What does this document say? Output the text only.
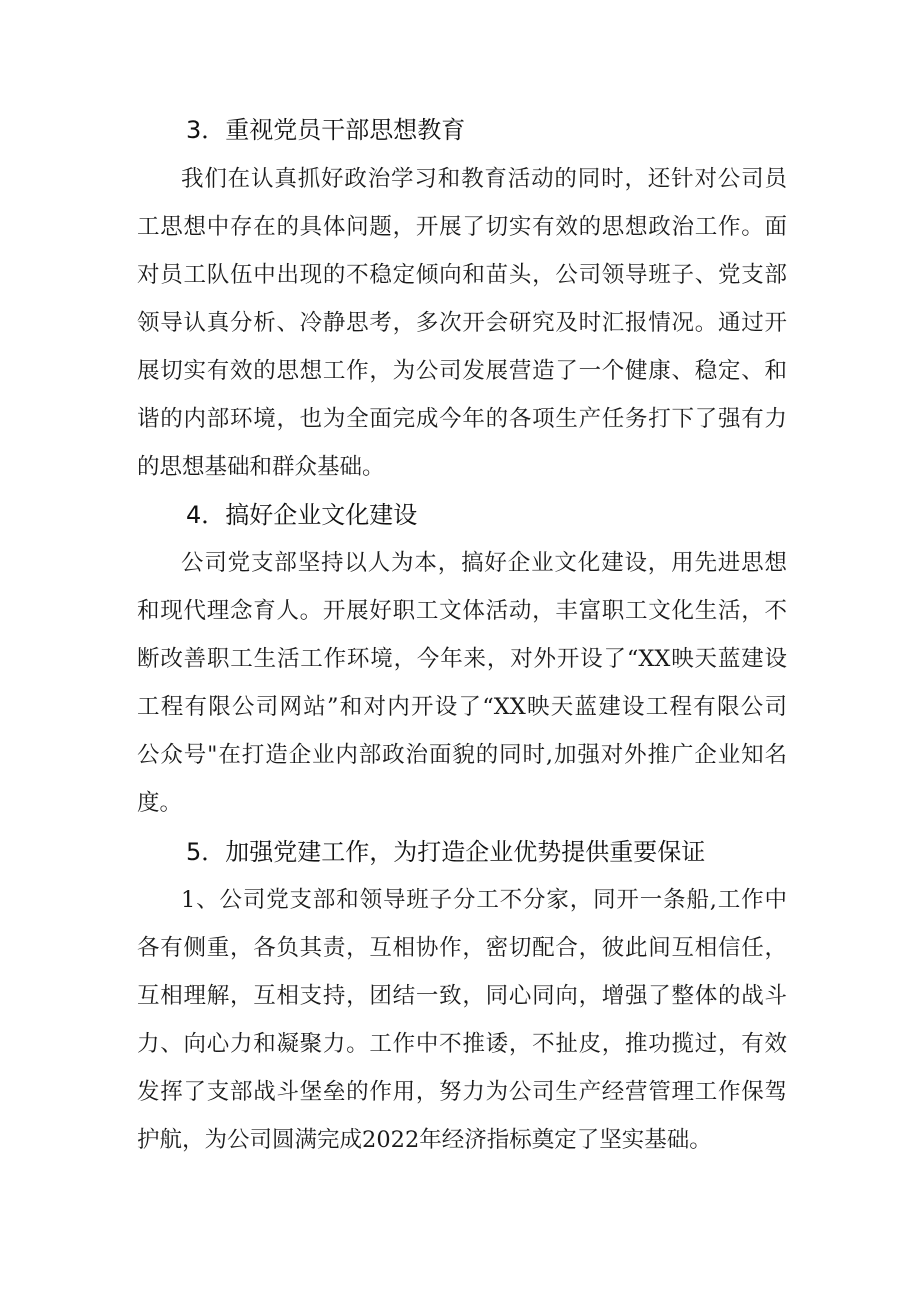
3．重视党员干部思想教育
我们在认真抓好政治学习和教育活动的同时，还针对公司员
工思想中存在的具体问题，开展了切实有效的思想政治工作。面
对员工队伍中出现的不稳定倾向和苗头，公司领导班子、党支部
领导认真分析、冷静思考，多次开会研究及时汇报情况。通过开
展切实有效的思想工作，为公司发展营造了一个健康、稳定、和
谐的内部环境，也为全面完成今年的各项生产任务打下了强有力
的思想基础和群众基础。
4．搞好企业文化建设
公司党支部坚持以人为本，搞好企业文化建设，用先进思想
和现代理念育人。开展好职工文体活动，丰富职工文化生活，不
断改善职工生活工作环境，今年来，对外开设了“XX映天蓝建设
工程有限公司网站”和对内开设了“XX映天蓝建设工程有限公司
公众号"在打造企业内部政治面貌的同时,加强对外推广企业知名
度。
5．加强党建工作，为打造企业优势提供重要保证
1、公司党支部和领导班子分工不分家，同开一条船,工作中
各有侧重，各负其责，互相协作，密切配合，彼此间互相信任，
互相理解，互相支持，团结一致，同心同向，增强了整体的战斗
力、向心力和凝聚力。工作中不推诿，不扯皮，推功揽过，有效
发挥了支部战斗堡垒的作用，努力为公司生产经营管理工作保驾
护航，为公司圆满完成2022年经济指标奠定了坚实基础。
